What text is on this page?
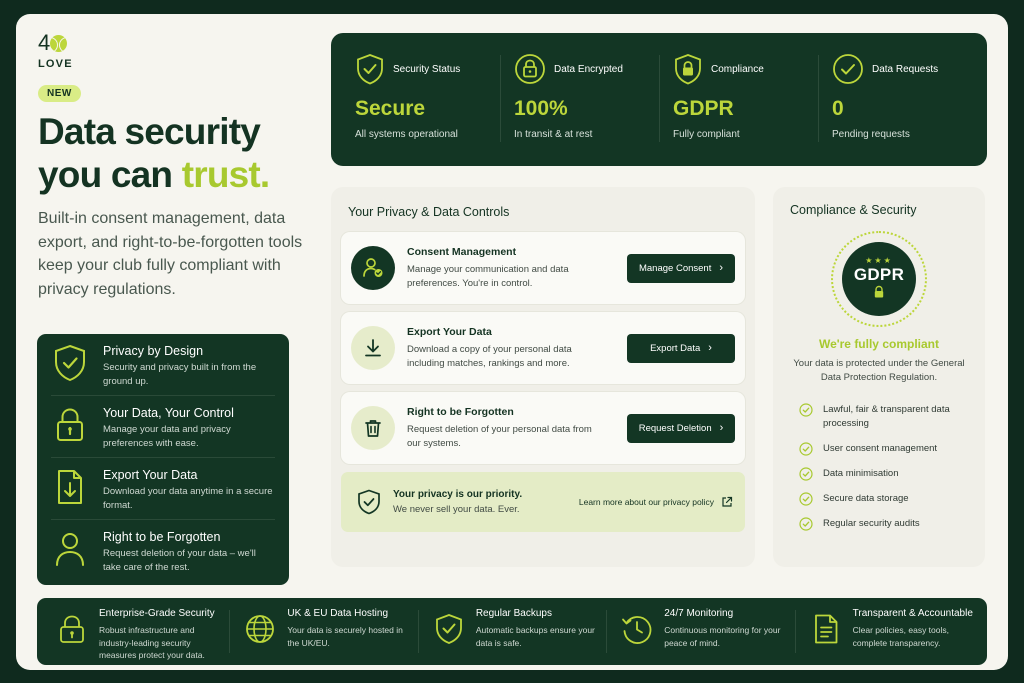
4
LOVE
NEW
Data security
you can trust.

Built-in consent management, data export, and right-to-be-forgotten tools keep your club fully compliant with privacy regulations.

Privacy by Design

Security and privacy built in from the ground up.

Your Data, Your Control

Manage your data and privacy preferences with ease.

Export Your Data

Download your data anytime in a secure format.

Right to be Forgotten

Request deletion of your data – we'll take care of the rest.

Security Status
Secure
All systems operational
Data Encrypted
100%
In transit & at rest
Compliance
GDPR
Fully compliant
Data Requests
0
Pending requests
Your Privacy & Data Controls
Consent Management

Manage your communication and data preferences. You're in control.

Manage Consent ›
Export Your Data

Download a copy of your personal data including matches, rankings and more.

Export Data ›
Right to be Forgotten

Request deletion of your personal data from our systems.

Request Deletion ›
Your privacy is our priority.

We never sell your data. Ever.

Learn more about our privacy policy
Compliance & Security
★★★
GDPR
We're fully compliant
Your data is protected under the General Data Protection Regulation.
Lawful, fair & transparent data processing
User consent management
Data minimisation
Secure data storage
Regular security audits
Enterprise-Grade Security

Robust infrastructure and industry-leading security measures protect your data.

UK & EU Data Hosting

Your data is securely hosted in the UK/EU.

Regular Backups

Automatic backups ensure your data is safe.

24/7 Monitoring

Continuous monitoring for your peace of mind.

Transparent & Accountable

Clear policies, easy tools, complete transparency.
